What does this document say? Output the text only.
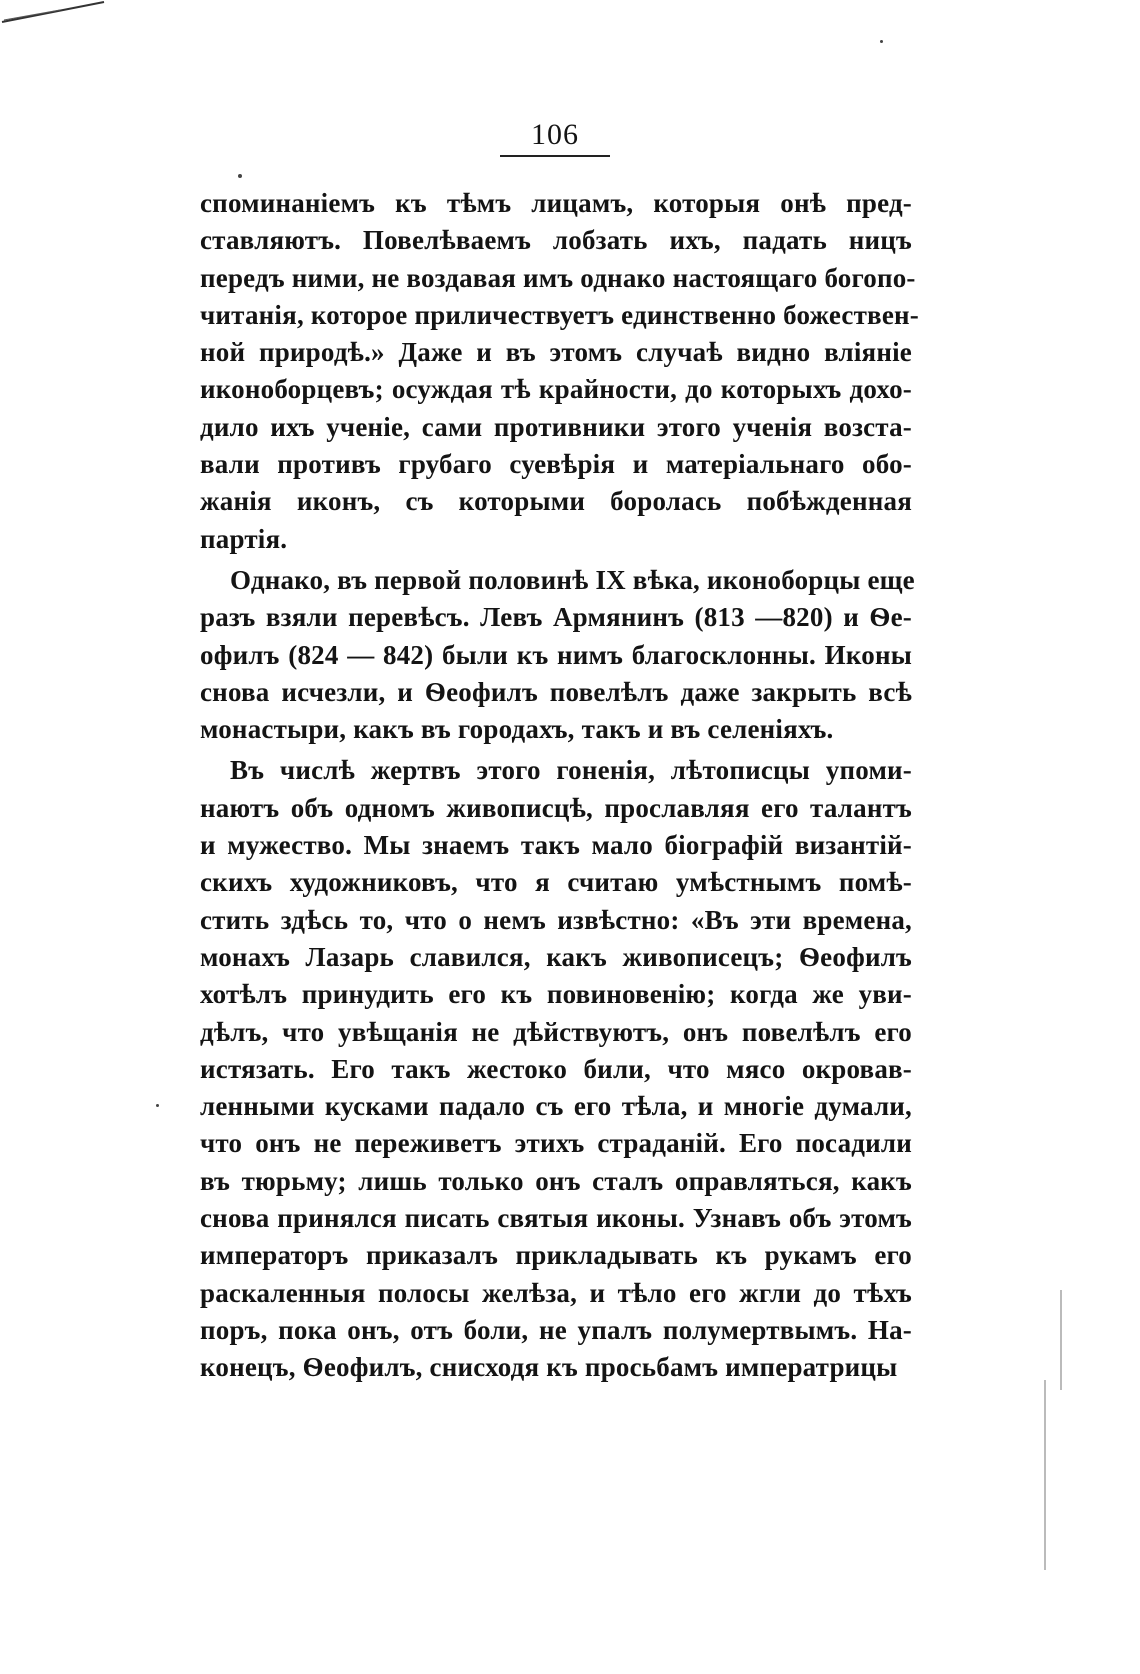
106
споминаніемъ къ тѣмъ лицамъ, которыя онѣ пред-
ставляютъ. Повелѣваемъ лобзать ихъ, падать ницъ
передъ ними, не воздавая имъ однако настоящаго богопо-
читанія, которое приличествуетъ единственно божествен-
ной природѣ.» Даже и въ этомъ случаѣ видно вліяніе
иконоборцевъ; осуждая тѣ крайности, до которыхъ дохо-
дило ихъ ученіе, сами противники этого ученія возста-
вали противъ грубаго суевѣрія и матеріальнаго обо-
жанія иконъ, съ которыми боролась побѣжденная
партія.
Однако, въ первой половинѣ IX вѣка, иконоборцы еще
разъ взяли перевѣсъ. Левъ Армянинъ (813 —820) и Ѳе-
офилъ (824 — 842) были къ нимъ благосклонны. Иконы
снова исчезли, и Ѳеофилъ повелѣлъ даже закрыть всѣ
монастыри, какъ въ городахъ, такъ и въ селеніяхъ.
Въ числѣ жертвъ этого гоненія, лѣтописцы упоми-
наютъ объ одномъ живописцѣ, прославляя его талантъ
и мужество. Мы знаемъ такъ мало біографій византій-
скихъ художниковъ, что я считаю умѣстнымъ помѣ-
стить здѣсь то, что о немъ извѣстно: «Въ эти времена,
монахъ Лазарь славился, какъ живописецъ; Ѳеофилъ
хотѣлъ принудить его къ повиновенію; когда же уви-
дѣлъ, что увѣщанія не дѣйствуютъ, онъ повелѣлъ его
истязать. Его такъ жестоко били, что мясо окровав-
ленными кусками падало съ его тѣла, и многіе думали,
что онъ не переживетъ этихъ страданій. Его посадили
въ тюрьму; лишь только онъ сталъ оправляться, какъ
снова принялся писать святыя иконы. Узнавъ объ этомъ
императоръ приказалъ прикладывать къ рукамъ его
раскаленныя полосы желѣза, и тѣло его жгли до тѣхъ
поръ, пока онъ, отъ боли, не упалъ полумертвымъ. На-
конецъ, Ѳеофилъ, снисходя къ просьбамъ императрицы
